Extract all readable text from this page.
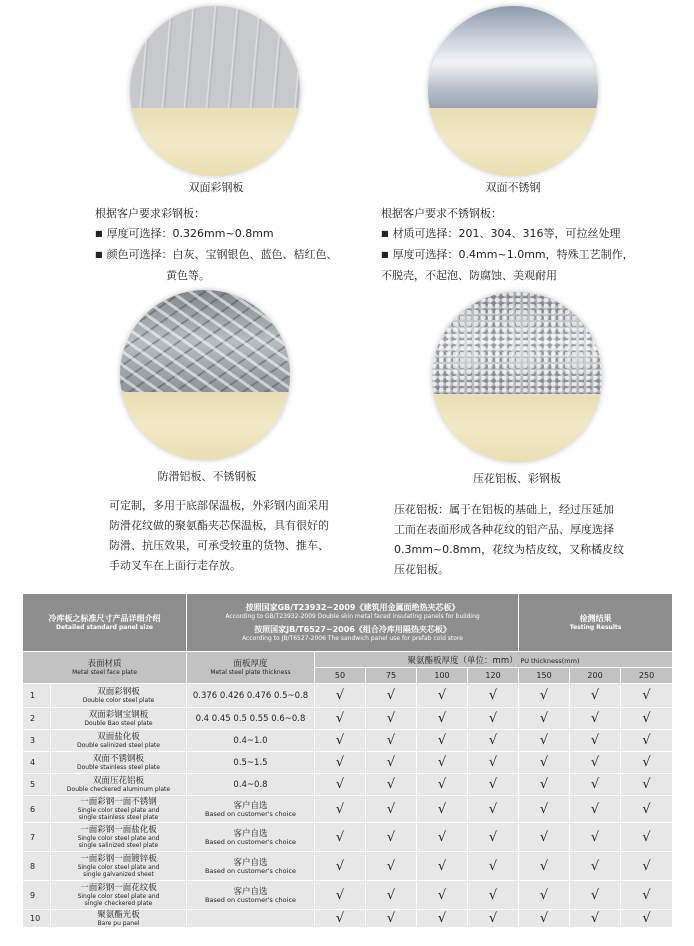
双面彩钢板
根据客户要求彩钢板：
■ 厚度可选择：0.326mm~0.8mm
■ 颜色可选择：白灰、宝钢银色、蓝色、桔红色、
黄色等。
双面不锈钢
根据客户要求不锈钢板：
■ 材质可选择：201、304、316等，可拉丝处理
■ 厚度可选择：0.4mm~1.0mm，特殊工艺制作，
不脱壳，不起泡、防腐蚀、美观耐用
防滑铝板、不锈钢板
可定制，多用于底部保温板，外彩钢内面采用
防滑花纹做的聚氨酯夹芯保温板，具有很好的
防滑、抗压效果，可承受较重的货物、推车、
手动叉车在上面行走存放。
压花铝板、彩钢板
压花铝板：属于在铝板的基础上，经过压延加
工而在表面形成各种花纹的铝产品、厚度选择
0.3mm~0.8mm，花纹为桔皮纹，又称橘皮纹
压花铝板。
冷库板之标准尺寸产品详细介绍
Detailed standard panel size		按照国家GB/T23932~2009《建筑用金属面绝热夹芯板》
According to GB/T23932-2009 Double skin metal faced insulating panels for building
按照国家JB/T6527~2006《组合冷库用隔热夹芯板》
According to JB/T6527-2006 The sandwich panel use for prefab cold store					检测结果
Testing Results		

表面材质
Metal steel face plate		面板厚度
Metal steel plate thickness	聚氨酯板厚度（单位：mm） PU thickness(mm)						
			50	75	100	120	150	200	250
1	双面彩钢板
Double color steel plate	0.376 0.426 0.476 0.5~0.8	√	√	√	√	√	√	√
2	双面彩钢宝钢板
Double Bao steel plate	0.4 0.45 0.5 0.55 0.6~0.8	√	√	√	√	√	√	√
3	双面盐化板
Double salinized steel plate	0.4~1.0	√	√	√	√	√	√	√
4	双面不锈钢板
Double stainless steel plate	0.5~1.5	√	√	√	√	√	√	√
5	双面压花铝板
Double checkered aluminum plate	0.4~0.8	√	√	√	√	√	√	√
6	一面彩钢一面不锈钢
Single color steel plate and
single stainless steel plate	客户自选
Based on customer's choice	√	√	√	√	√	√	√
7	一面彩钢一面盐化板
Single color steel plate and
single salinized steel plate	客户自选
Based on customer's choice	√	√	√	√	√	√	√
8	一面彩钢一面镀锌板
Single color steel plate and
single galvanized sheet	客户自选
Based on customer's choice	√	√	√	√	√	√	√
9	一面彩钢一面花纹板
Single color steel plate and
single checkered plate	客户自选
Based on customer's choice	√	√	√	√	√	√	√
10	聚氨酯光板
Bare pu panel		√	√	√	√	√	√	√
